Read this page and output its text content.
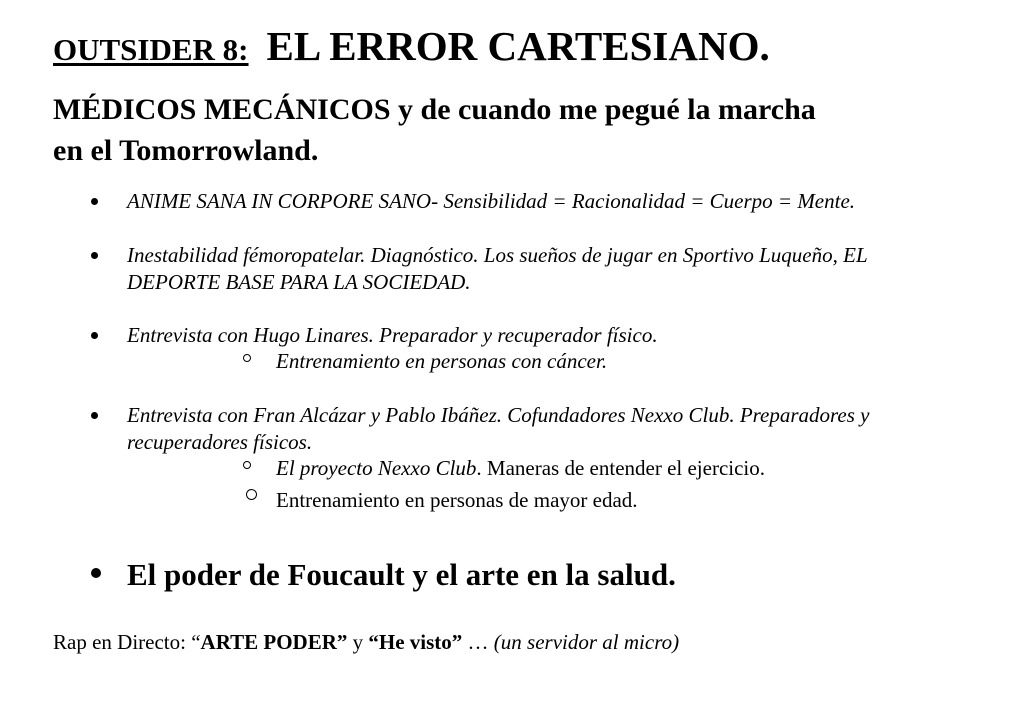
OUTSIDER 8: EL ERROR CARTESIANO.
MÉDICOS MECÁNICOS y de cuando me pegué la marcha
en el Tomorrowland.
ANIME SANA IN CORPORE SANO- Sensibilidad = Racionalidad = Cuerpo = Mente.
Inestabilidad fémoropatelar. Diagnóstico. Los sueños de jugar en Sportivo Luqueño, EL
DEPORTE BASE PARA LA SOCIEDAD.
Entrevista con Hugo Linares. Preparador y recuperador físico.
Entrenamiento en personas con cáncer.
Entrevista con Fran Alcázar y Pablo Ibáñez. Cofundadores Nexxo Club. Preparadores y
recuperadores físicos.
El proyecto Nexxo Club. Maneras de entender el ejercicio.
Entrenamiento en personas de mayor edad.
El poder de Foucault y el arte en la salud.
Rap en Directo: “ARTE PODER” y “He visto” … (un servidor al micro)
